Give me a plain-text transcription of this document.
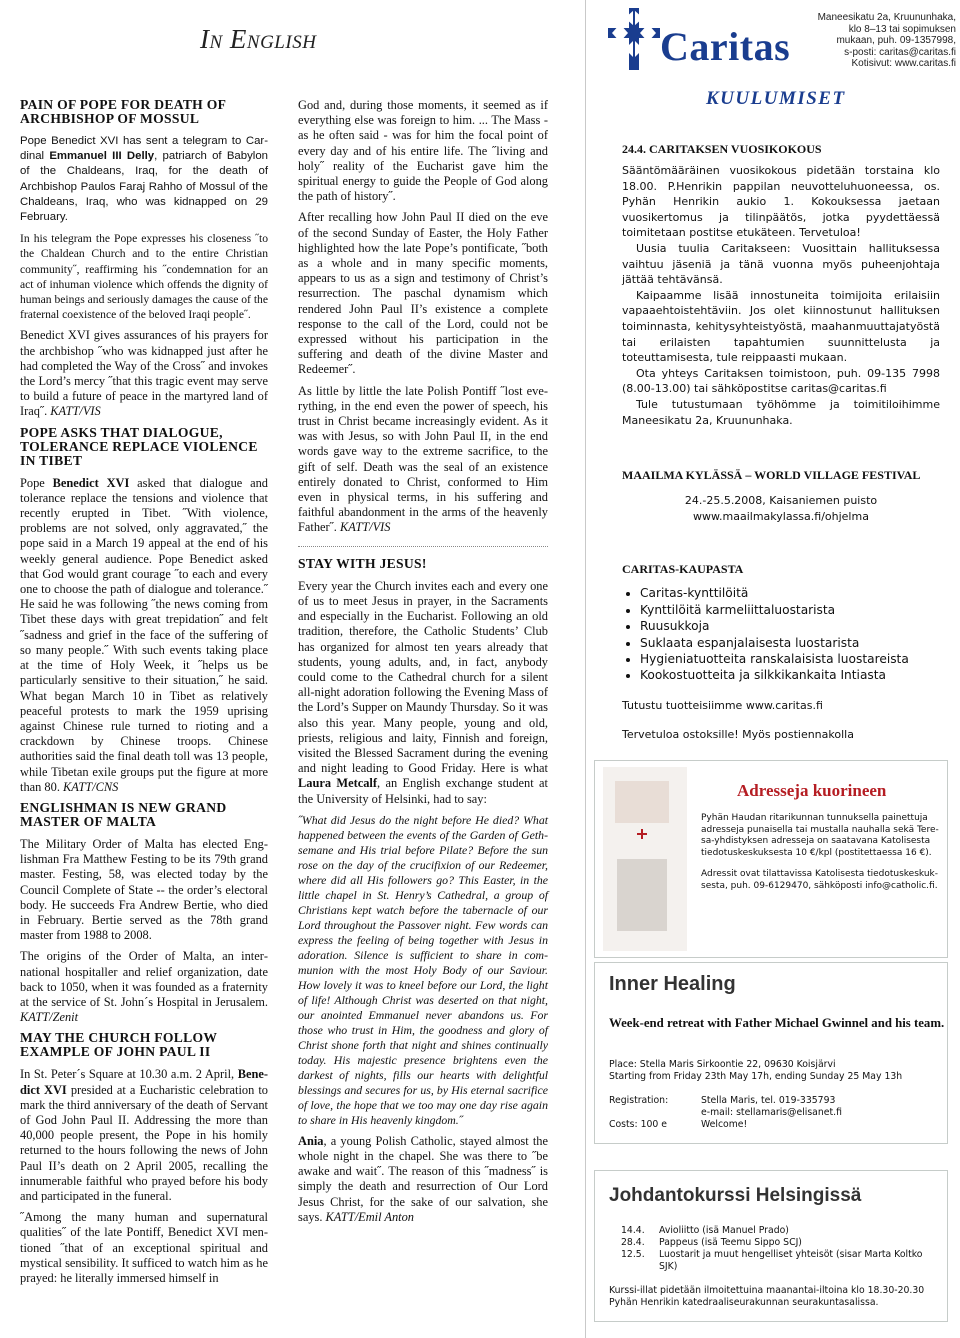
In English	Caritas
Maneesikatu 2a, Kruununhaka,
klo 8–13 tai sopimuksen
mukaan, puh. 09-1357998,
s-posti: caritas@caritas.fi
Kotisivut: www.caritas.fi
KUULUMISET
PAIN OF POPE FOR DEATH OF ARCHBISHOP OF MOSSUL

Pope Benedict XVI has sent a telegram to Cardinal Emmanuel III Delly, patriarch of Babylon of the Chaldeans, Iraq, for the death of Archbishop Paulos Faraj Rahho of Mossul of the Chaldeans, Iraq, who was kidnapped on 29 February.

In his telegram the Pope expresses his closeness ˝to the Chaldean Church and to the entire Christian community˝, reaffirming his ˝condemnation for an act of inhuman violence which offends the dignity of human beings and seriously damages the cause of the fraternal coexistence of the beloved Iraqi people˝.

Benedict XVI gives assurances of his prayers for the archbishop ˝who was kidnapped just after he had completed the Way of the Cross˝ and invokes the Lord’s mercy ˝that this tragic event may serve to build a future of peace in the martyred land of Iraq˝. KATT/VIS

POPE ASKS THAT DIALOGUE, TOLERANCE REPLACE VIOLENCE IN TIBET

Pope Benedict XVI asked that dialogue and tolerance replace the tensions and violence that recently erupted in Tibet. ˝With violence, problems are not solved, only aggravated,˝ the pope said in a March 19 appeal at the end of his weekly general audience. Pope Benedict asked that God would grant courage ˝to each and every one to choose the path of dialogue and tolerance.˝ He said he was following ˝the news coming from Tibet these days with great trepidation˝ and felt ˝sadness and grief in the face of the suffering of so many people.˝ With such events taking place at the time of Holy Week, it ˝helps us be particularly sensitive to their situation,˝ he said. What began March 10 in Tibet as relatively peaceful protests to mark the 1959 uprising against Chinese rule turned to rioting and a crackdown by Chinese troops. Chinese authorities said the final death toll was 13 people, while Tibetan exile groups put the figure at more than 80. KATT/CNS

ENGLISHMAN IS NEW GRAND MASTER OF MALTA

The Military Order of Malta has elected Englishman Fra Matthew Festing to be its 79th grand master. Festing, 58, was elected today by the Council Complete of State -- the order’s electoral body. He succeeds Fra Andrew Bertie, who died in February. Bertie served as the 78th grand master from 1988 to 2008.

The origins of the Order of Malta, an international hospitaller and relief organization, date back to 1050, when it was founded as a fraternity at the service of St. John´s Hospital in Jerusalem. KATT/Zenit

MAY THE CHURCH FOLLOW EXAMPLE OF JOHN PAUL II

In St. Peter´s Square at 10.30 a.m. 2 April, Benedict XVI presided at a Eucharistic celebration to mark the third anniversary of the death of Servant of God John Paul II. Addressing the more than 40,000 people present, the Pope in his homily returned to the hours following the news of John Paul II’s death on 2 April 2005, recalling the innumerable faithful who prayed before his body and participated in the funeral.

˝Among the many human and supernatural qualities˝ of the late Pontiff, Benedict XVI mentioned ˝that of an exceptional spiritual and mystical sensibility. It sufficed to watch him as he prayed: he literally immersed himself in

God and, during those moments, it seemed as if everything else was foreign to him. ... The Mass - as he often said - was for him the focal point of every day and of his entire life. The ˝living and holy˝ reality of the Eucharist gave him the spiritual energy to guide the People of God along the path of history˝.

After recalling how John Paul II died on the eve of the second Sunday of Easter, the Holy Father highlighted how the late Pope’s pontificate, ˝both as a whole and in many specific moments, appears to us as a sign and testimony of Christ’s resurrection. The paschal dynamism which rendered John Paul II’s existence a complete response to the call of the Lord, could not be expressed without his participation in the suffering and death of the divine Master and Redeemer˝.

As little by little the late Polish Pontiff ˝lost everything, in the end even the power of speech, his trust in Christ became increasingly evident. As it was with Jesus, so with John Paul II, in the end words gave way to the extreme sacrifice, to the gift of self. Death was the seal of an existence entirely donated to Christ, conformed to Him even in physical terms, in his suffering and faithful abandonment in the arms of the heavenly Father˝. KATT/VIS

STAY WITH JESUS!

Every year the Church invites each and every one of us to meet Jesus in prayer, in the Sacraments and especially in the Eucharist. Following an old tradition, therefore, the Catholic Students’ Club has organized for almost ten years already that students, young adults, and, in fact, anybody could come to the Cathedral church for a silent all-night adoration following the Evening Mass of the Lord’s Supper on Maundy Thursday. So it was also this year. Many people, young and old, priests, religious and laity, Finnish and foreign, visited the Blessed Sacrament during the evening and night leading to Good Friday. Here is what Laura Metcalf, an English exchange student at the University of Helsinki, had to say:

˝What did Jesus do the night before He died? What happened between the events of the Garden of Gethsemane and His trial before Pilate? Before the sun rose on the day of the crucifixion of our Redeemer, where did all His followers go? This Easter, in the little chapel in St. Henry’s Cathedral, a group of Christians kept watch before the tabernacle of our Lord throughout the Passover night. Few words can express the feeling of being together with Jesus in adoration. Silence is sufficient to share in communion with the most Holy Body of our Saviour. How lovely it was to kneel before our Lord, the light of life! Although Christ was deserted on that night, our anointed Emmanuel never abandons us. For those who trust in Him, the goodness and glory of Christ shone forth that night and shines continually today. His majestic presence brightens even the darkest of nights, fills our hearts with delightful blessings and secures for us, by His eternal sacrifice of love, the hope that we too may one day rise again to share in His heavenly kingdom.˝

Ania, a young Polish Catholic, stayed almost the whole night in the chapel. She was there to ˝be awake and wait˝. The reason of this ˝madness˝ is simply the death and resurrection of Our Lord Jesus Christ, for the sake of our salvation, she says. KATT/Emil Anton

24.4. CARITAKSEN VUOSIKOKOUS

Sääntömääräinen vuosikokous pidetään torstaina klo 18.00. P.Henrikin pappilan neuvotteluhuoneessa, os. Pyhän Henrikin aukio 1. Kokouksessa jaetaan vuosikertomus ja tilinpäätös, jotka pyydettäessä toimitetaan postitse etukäteen. Tervetuloa!

Uusia tuulia Caritakseen: Vuosittain hallituksessa vaihtuu jäseniä ja tänä vuonna myös puheenjohtaja jättää tehtävänsä.

Kaipaamme lisää innostuneita toimijoita erilaisiin vapaaehtoistehtäviin. Jos olet kiinnostunut hallituksen toiminnasta, kehitysyhteistyöstä, maahanmuuttajatyöstä tai erilaisten tapahtumien suunnittelusta ja toteuttamisesta, tule reippaasti mukaan.

Ota yhteys Caritaksen toimistoon, puh. 09-135 7998 (8.00-13.00) tai sähköpostitse caritas@caritas.fi

Tule tutustumaan työhömme ja toimitiloihimme Maneesikatu 2a, Kruununhaka.

MAAILMA KYLÄSSÄ – WORLD VILLAGE FESTIVAL

24.-25.5.2008, Kaisaniemen puisto

www.maailmakylassa.fi/ohjelma

CARITAS-KAUPASTA
• Caritas-kynttilöitä
• Kynttilöitä karmeliittaluostarista
• Ruusukkoja
• Suklaata espanjalaisesta luostarista
• Hygieniatuotteita ranskalaisista luostareista
• Kookostuotteita ja silkkikankaita Intiasta

Tutustu tuotteisiimme www.caritas.fi

Tervetuloa ostoksille! Myös postiennakolla

Adresseja kuorineen

Pyhän Haudan ritarikunnan tunnuksella painettuja adresseja punaisella tai mustalla nauhalla sekä Teresa-yhdistyksen adresseja on saatavana Katolisesta tiedotuskeskuksesta 10 €/kpl (postitettaessa 16 €).

Adressit ovat tilattavissa Katolisesta tiedotuskeskuksesta, puh. 09-6129470, sähköposti info@catholic.fi.

Inner Healing
Week-end retreat with Father Michael Gwinnel and his team.

Place: Stella Maris Sirkoontie 22, 09630 Koisjärvi

Starting from Friday 23th May 17h, ending Sunday 25 May 13h

Registration:	Stella Maris, tel. 019-335793

e-mail: stellamaris@elisanet.fi

Costs: 100 e	Welcome!

Johdantokurssi Helsingissä

14.4. Avioliitto (isä Manuel Prado)

28.4. Pappeus (isä Teemu Sippo SCJ)

12.5. Luostarit ja muut hengelliset yhteisöt (sisar Marta Koltko SJK)

Kurssi-illat pidetään ilmoitettuina maanantai-iltoina klo 18.30-20.30 Pyhän Henrikin katedraaliseurakunnan seurakuntasalissa.
